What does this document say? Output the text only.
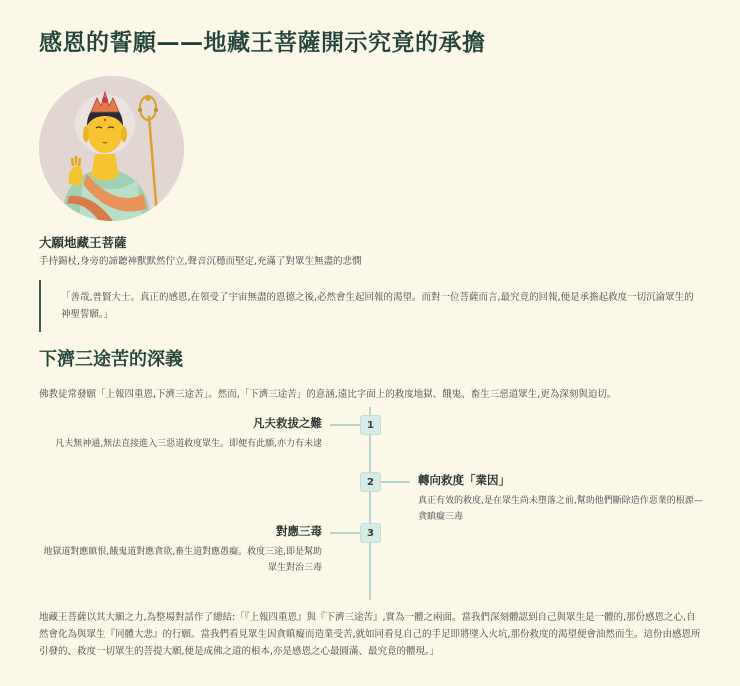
感恩的誓願——地藏王菩薩開示究竟的承擔

大願地藏王菩薩

手持錫杖,身旁的諦聽神獸默然佇立,聲音沉穩而堅定,充滿了對眾生無盡的悲憫

「善哉,普賢大士。真正的感恩,在領受了宇宙無盡的恩德之後,必然會生起回報的渴望。而對一位菩薩而言,最究竟的回報,便是承擔起救度一切沉淪眾生的神聖誓願。」

下濟三途苦的深義

佛教徒常發願「上報四重恩,下濟三途苦」。然而,「下濟三途苦」的意涵,遠比字面上的救度地獄、餓鬼、畜生三惡道眾生,更為深刻與迫切。

1

凡夫救拔之難

凡夫無神通,無法直接進入三惡道救度眾生。即便有此願,亦力有未逮

2	轉向救度「業因」

真正有效的救度,是在眾生尚未墮落之前,幫助他們斷除造作惡業的根源—貪瞋癡三毒

3

對應三毒

地獄道對應瞋恨,餓鬼道對應貪欲,畜生道對應愚癡。救度三途,即是幫助眾生對治三毒

地藏王菩薩以其大願之力,為整場對話作了總結:「『上報四重恩』與『下濟三途苦』,實為一體之兩面。當我們深刻體認到自己與眾生是一體的,那份感恩之心,自然會化為與眾生『同體大悲』的行願。當我們看見眾生因貪瞋癡而造業受苦,就如同看見自己的手足即將墜入火坑,那份救度的渴望便會油然而生。這份由感恩所引發的、救度一切眾生的菩提大願,便是成佛之道的根本,亦是感恩之心最圓滿、最究竟的體現。」
